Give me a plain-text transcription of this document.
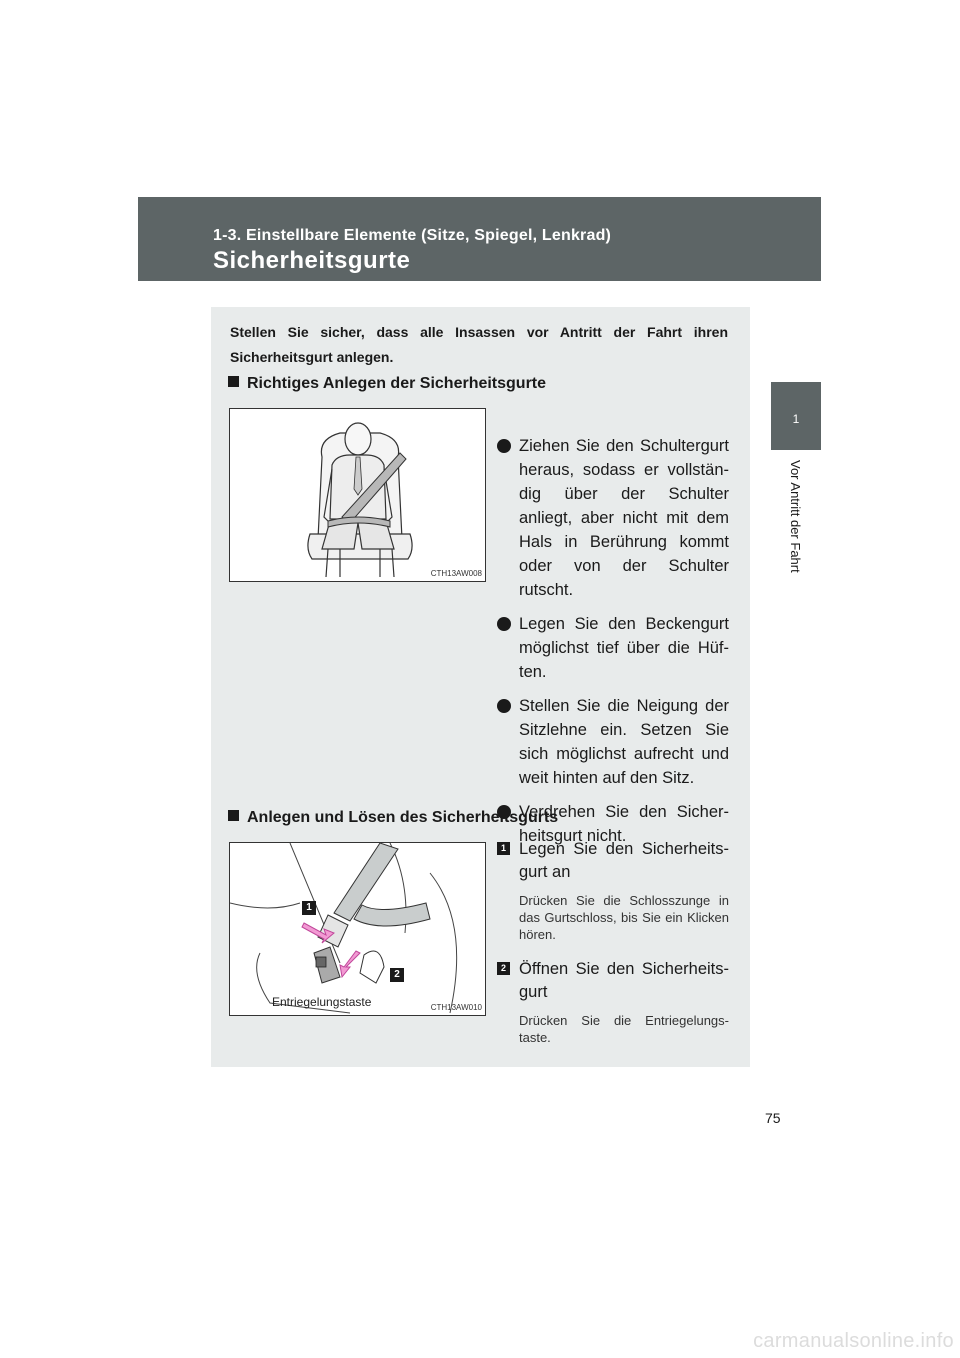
1-3. Einstellbare Elemente (Sitze, Spiegel, Lenkrad)
Sicherheitsgurte
1
Vor Antritt der Fahrt
Stellen Sie sicher, dass alle Insassen vor Antritt der Fahrt ihren Sicherheitsgurt anlegen.
Richtiges Anlegen der Sicherheitsgurte
CTH13AW008
Ziehen Sie den Schultergurt heraus, sodass er vollstän-dig über der Schulter anliegt, aber nicht mit dem Hals in Berührung kommt oder von der Schulter rutscht.
Legen Sie den Beckengurt möglichst tief über die Hüf-ten.
Stellen Sie die Neigung der Sitzlehne ein. Setzen Sie sich möglichst aufrecht und weit hinten auf den Sitz.
Verdrehen Sie den Sicher-heitsgurt nicht.
Anlegen und Lösen des Sicherheitsgurts
1
2
Entriegelungstaste	CTH13AW010
1 Legen Sie den Sicherheits-gurt an
Drücken Sie die Schlosszunge in das Gurtschloss, bis Sie ein Klicken hören.
2 Öffnen Sie den Sicherheits-gurt
Drücken Sie die Entriegelungs-taste.
75
carmanualsonline.info
